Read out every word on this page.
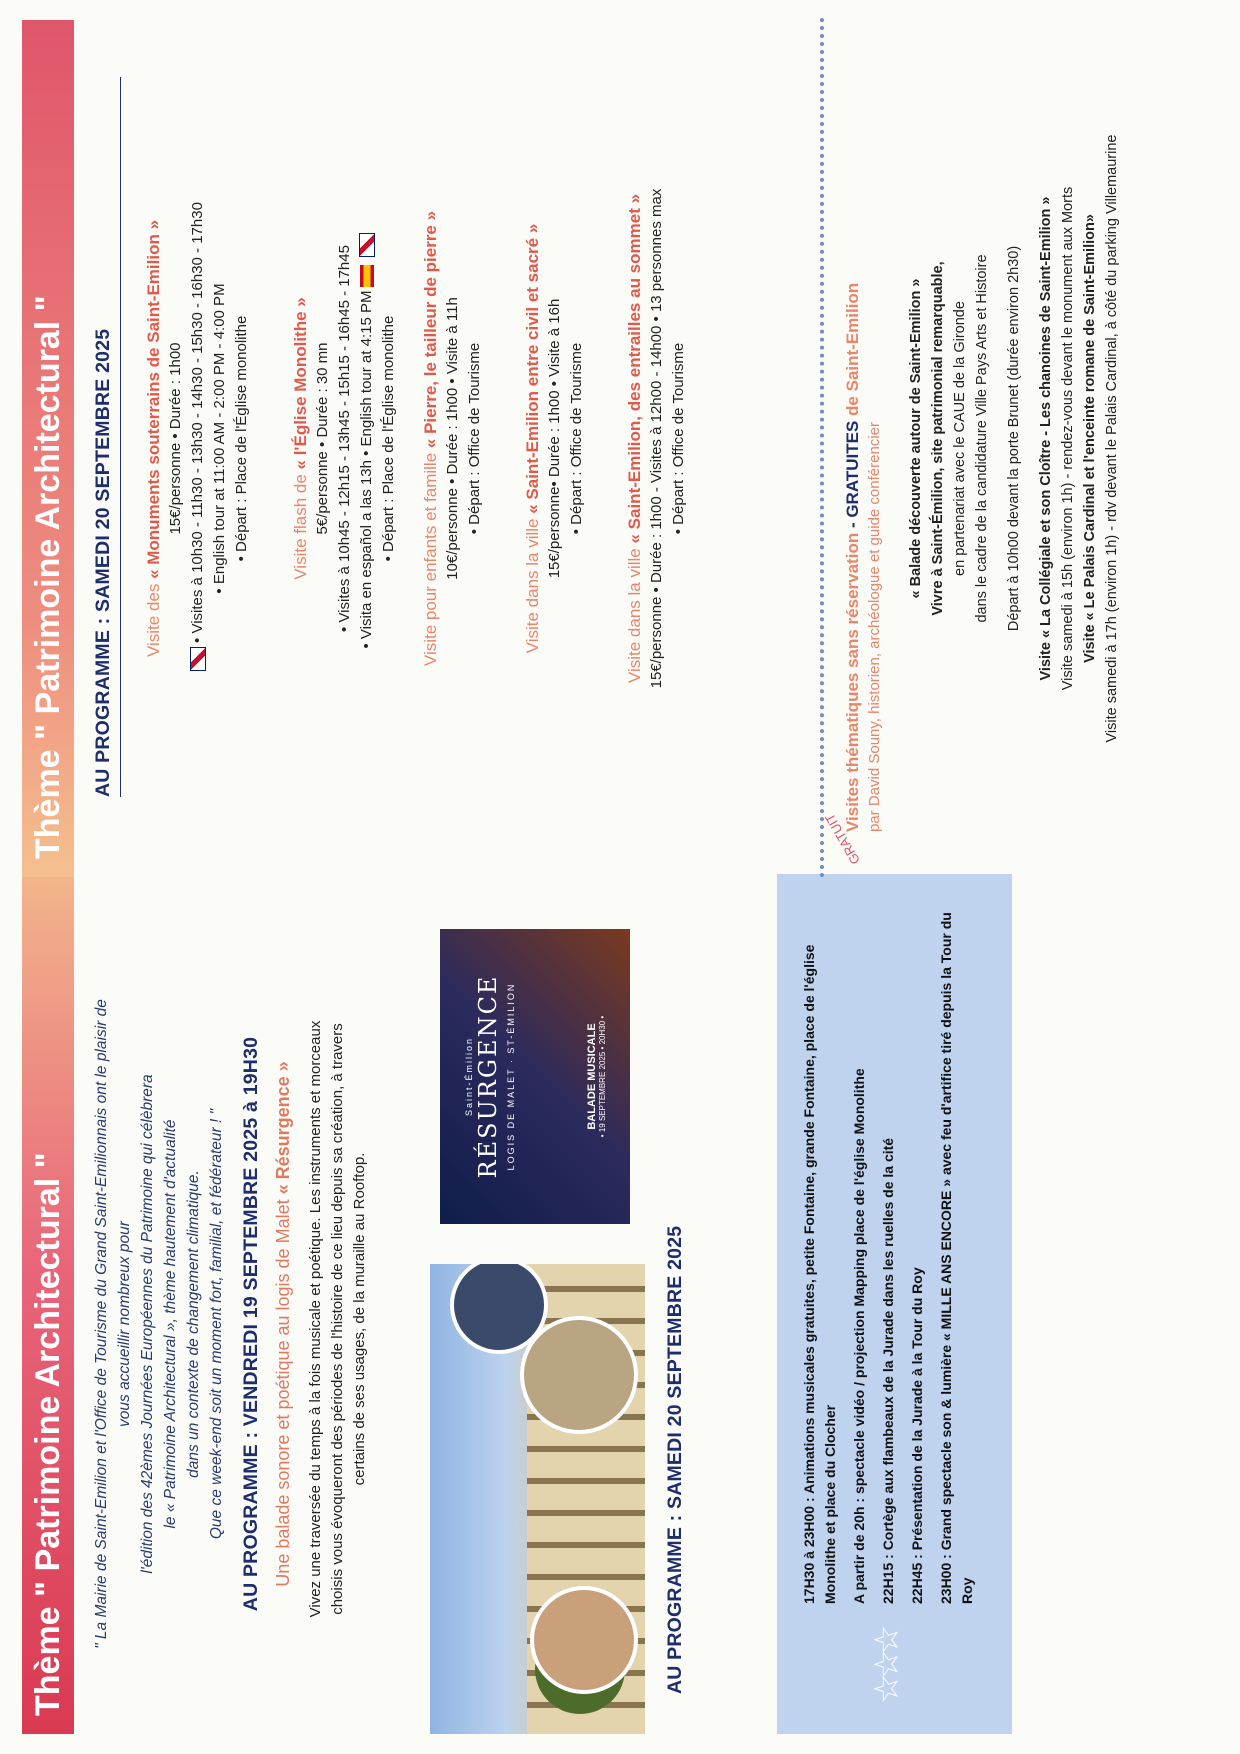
Thème " Patrimoine Architectural "	" La Mairie de Saint-Emilion et l'Office de Tourisme du Grand Saint-Emilionnais ont le plaisir de vous accueillir nombreux pour l'édition des 42èmes Journées Européennes du Patrimoine qui célèbrera le « Patrimoine Architectural », thème hautement d'actualité dans un contexte de changement climatique. Que ce week-end soit un moment fort, familial, et fédérateur ! " AU PROGRAMME : VENDREDI 19 SEPTEMBRE 2025 à 19H30 Une balade sonore et poétique au logis de Malet « Résurgence » Vivez une traversée du temps à la fois musicale et poétique. Les instruments et morceaux choisis vous évoqueront des périodes de l'histoire de ce lieu depuis sa création, à travers certains de ses usages, de la muraille au Rooftop.
Saint-Émilion RÉSURGENCE LOGIS DE MALET · ST-ÉMILION	BALADE MUSICALE • 19 SEPTEMBRE 2025 • 20H30 •
AU PROGRAMME : SAMEDI 20 SEPTEMBRE 2025	☆☆☆

17H30 à 23H00 : Animations musicales gratuites, petite Fontaine, grande Fontaine, place de l'église Monolithe et place du Clocher A partir de 20h : spectacle vidéo / projection Mapping place de l'église Monolithe 22H15 : Cortège aux flambeaux de la Jurade dans les ruelles de la cité 22H45 : Présentation de la Jurade à la Tour du Roy 23H00 : Grand spectacle son & lumière « MILLE ANS ENCORE » avec feu d'artifice tiré depuis la Tour du Roy

Thème " Patrimoine Architectural "	AU PROGRAMME : SAMEDI 20 SEPTEMBRE 2025 Visite des « Monuments souterrains de Saint-Emilion » 15€/personne • Durée : 1h00 • Visites à 10h30 - 11h30 - 13h30 - 14h30 - 15h30 - 16h30 - 17h30 • English tour at 11:00 AM - 2:00 PM - 4:00 PM • Départ : Place de l'Église monolithe Visite flash de « l'Église Monolithe » 5€/personne • Durée : 30 mn • Visites à 10h45 - 12h15 - 13h45 - 15h15 - 16h45 - 17h45 • Visita en español a las 13h • English tour at 4:15 PM • Départ : Place de l'Église monolithe Visite pour enfants et famille « Pierre, le tailleur de pierre » 10€/personne • Durée : 1h00 • Visite à 11h • Départ : Office de Tourisme
Visite dans la ville « Saint-Emilion entre civil et sacré » 15€/personne• Durée : 1h00 • Visite à 16h • Départ : Office de Tourisme
Visite dans la ville « Saint-Emilion, des entrailles au sommet » 15€/personne • Durée : 1h00 - Visites à 12h00 - 14h00 • 13 personnes max • Départ : Office de Tourisme
GRATUIT
Visites thématiques sans réservation - GRATUITES de Saint-Emilion
par David Souny, historien, archéologue et guide conférencier « Balade découverte autour de Saint-Emilion » Vivre à Saint-Émilion, site patrimonial remarquable, en partenariat avec le CAUE de la Gironde dans le cadre de la candidature Ville Pays Arts et Histoire Départ à 10h00 devant la porte Brunet (durée environ 2h30) Visite « La Collégiale et son Cloître - Les chanoines de Saint-Emilion » Visite samedi à 15h (environ 1h) - rendez-vous devant le monument aux Morts Visite « Le Palais Cardinal et l'enceinte romane de Saint-Emilion» Visite samedi à 17h (environ 1h) - rdv devant le Palais Cardinal, à côté du parking Villemaurine
